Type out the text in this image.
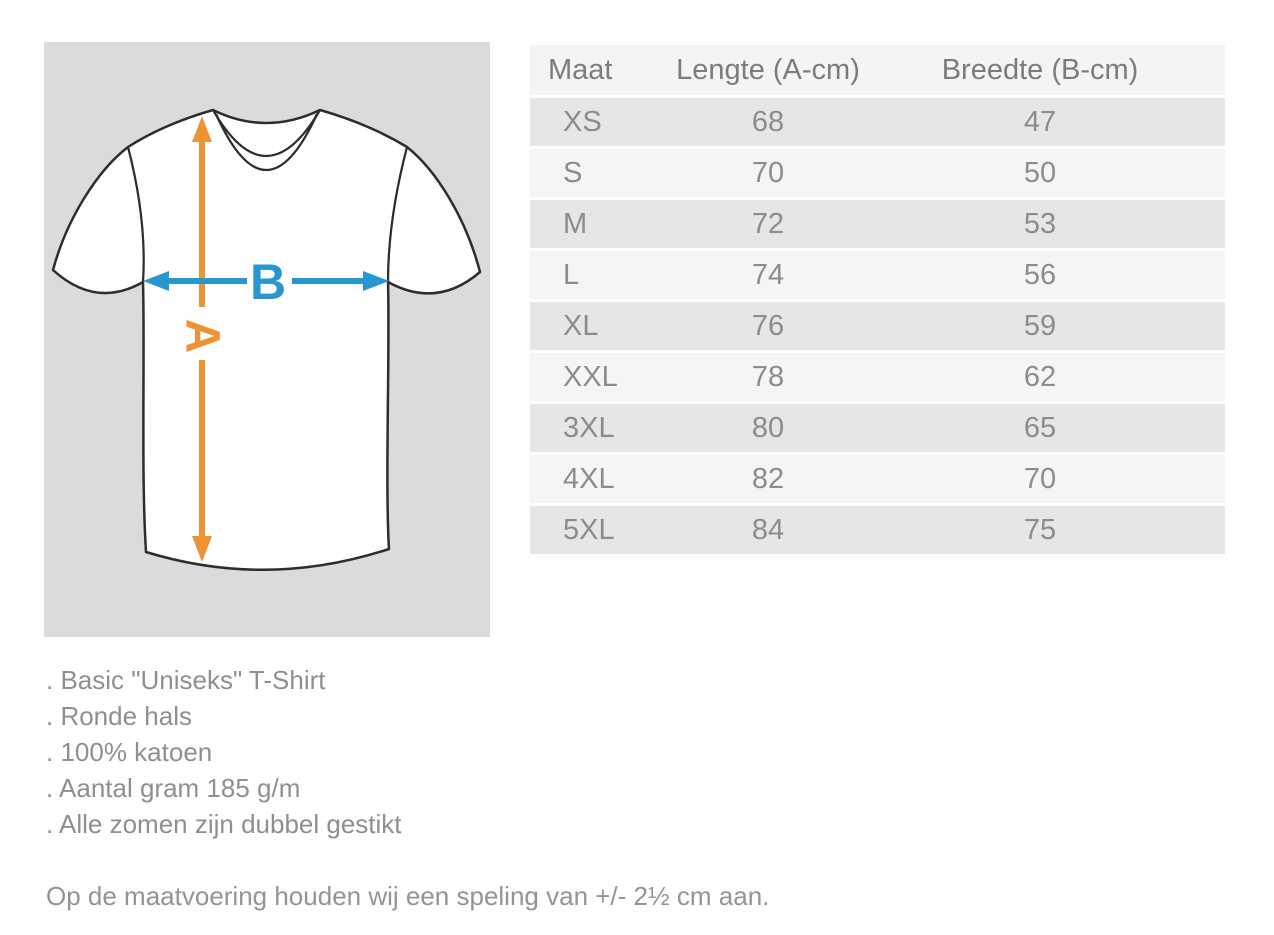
A
B
Maat	Lengte (A-cm)	Breedte (B-cm)
XS	68	47
S	70	50
M	72	53
L	74	56
XL	76	59
XXL	78	62
3XL	80	65
4XL	82	70
5XL	84	75
. Basic "Uniseks" T-Shirt
. Ronde hals
. 100% katoen
. Aantal gram 185 g/m
. Alle zomen zijn dubbel gestikt
Op de maatvoering houden wij een speling van +/- 2½ cm aan.
